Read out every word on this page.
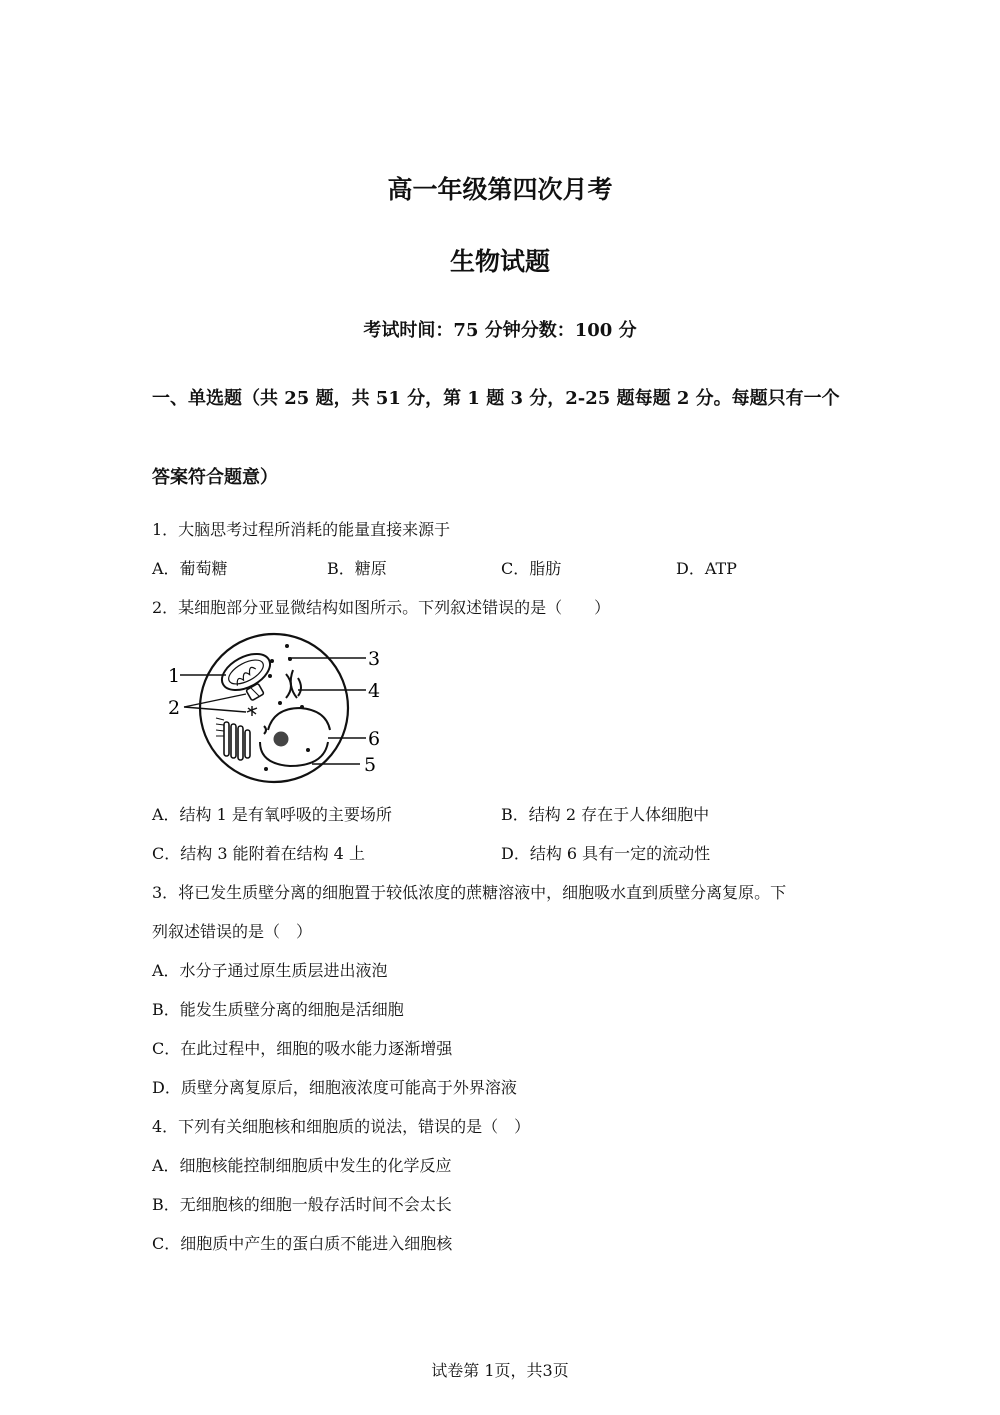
高一年级第四次月考
生物试题
考试时间：75 分钟分数：100 分
一、单选题（共 25 题，共 51 分，第 1 题 3 分，2-25 题每题 2 分。每题只有一个
答案符合题意）
1．大脑思考过程所消耗的能量直接来源于
A．葡萄糖	B．糖原	C．脂肪	D．ATP
2．某细胞部分亚显微结构如图所示。下列叙述错误的是（　　）
1
2
3
4
5
6
A．结构 1 是有氧呼吸的主要场所	B．结构 2 存在于人体细胞中
C．结构 3 能附着在结构 4 上	D．结构 6 具有一定的流动性
3．将已发生质壁分离的细胞置于较低浓度的蔗糖溶液中，细胞吸水直到质壁分离复原。下
列叙述错误的是（　）
A．水分子通过原生质层进出液泡
B．能发生质壁分离的细胞是活细胞
C．在此过程中，细胞的吸水能力逐渐增强
D．质壁分离复原后，细胞液浓度可能高于外界溶液
4．下列有关细胞核和细胞质的说法，错误的是（　）
A．细胞核能控制细胞质中发生的化学反应
B．无细胞核的细胞一般存活时间不会太长
C．细胞质中产生的蛋白质不能进入细胞核
试卷第 1页，共3页
